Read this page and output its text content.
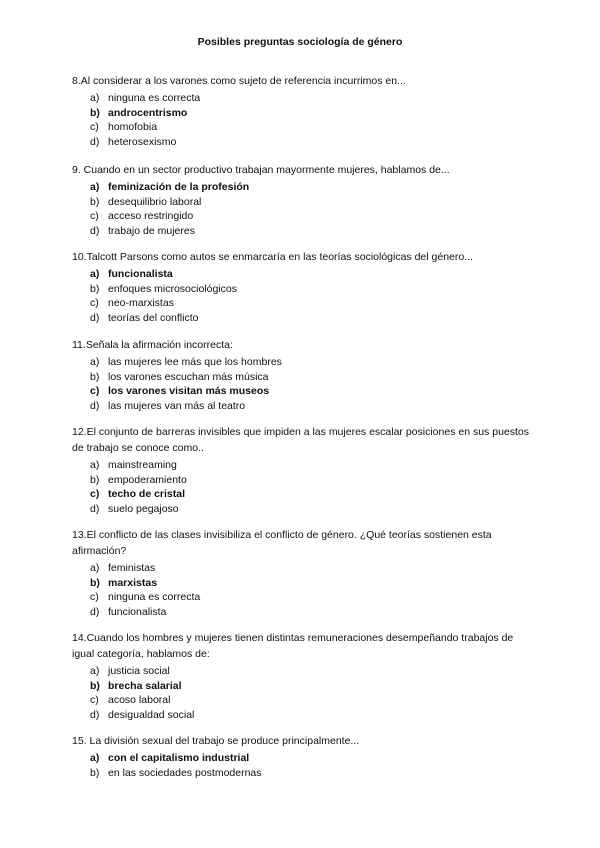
Posibles preguntas sociología de género

8.Al considerar a los varones como sujeto de referencia incurrimos en...

a) ninguna es correcta
b) androcentrismo
c) homofobia
d) heterosexismo

9. Cuando en un sector productivo trabajan mayormente mujeres, hablamos de...

a) feminización de la profesión
b) desequilibrio laboral
c) acceso restringido
d) trabajo de mujeres

10.Talcott Parsons como autos se enmarcaría en las teorías sociológicas del género...

a) funcionalista
b) enfoques microsociológicos
c) neo-marxistas
d) teorías del conflicto

11.Señala la afirmación incorrecta:

a) las mujeres lee más que los hombres
b) los varones escuchan más música
c) los varones visitan más museos
d) las mujeres van más al teatro

12.El conjunto de barreras invisibles que impiden a las mujeres escalar posiciones en sus puestos de trabajo se conoce como..

a) mainstreaming
b) empoderamiento
c) techo de cristal
d) suelo pegajoso

13.El conflicto de las clases invisibiliza el conflicto de género. ¿Qué teorías sostienen esta afirmación?

a) feministas
b) marxistas
c) ninguna es correcta
d) funcionalista

14.Cuando los hombres y mujeres tienen distintas remuneraciones desempeñando trabajos de igual categoría, hablamos de:

a) justicia social
b) brecha salarial
c) acoso laboral
d) desigualdad social

15. La división sexual del trabajo se produce principalmente...

a) con el capitalismo industrial
b) en las sociedades postmodernas
